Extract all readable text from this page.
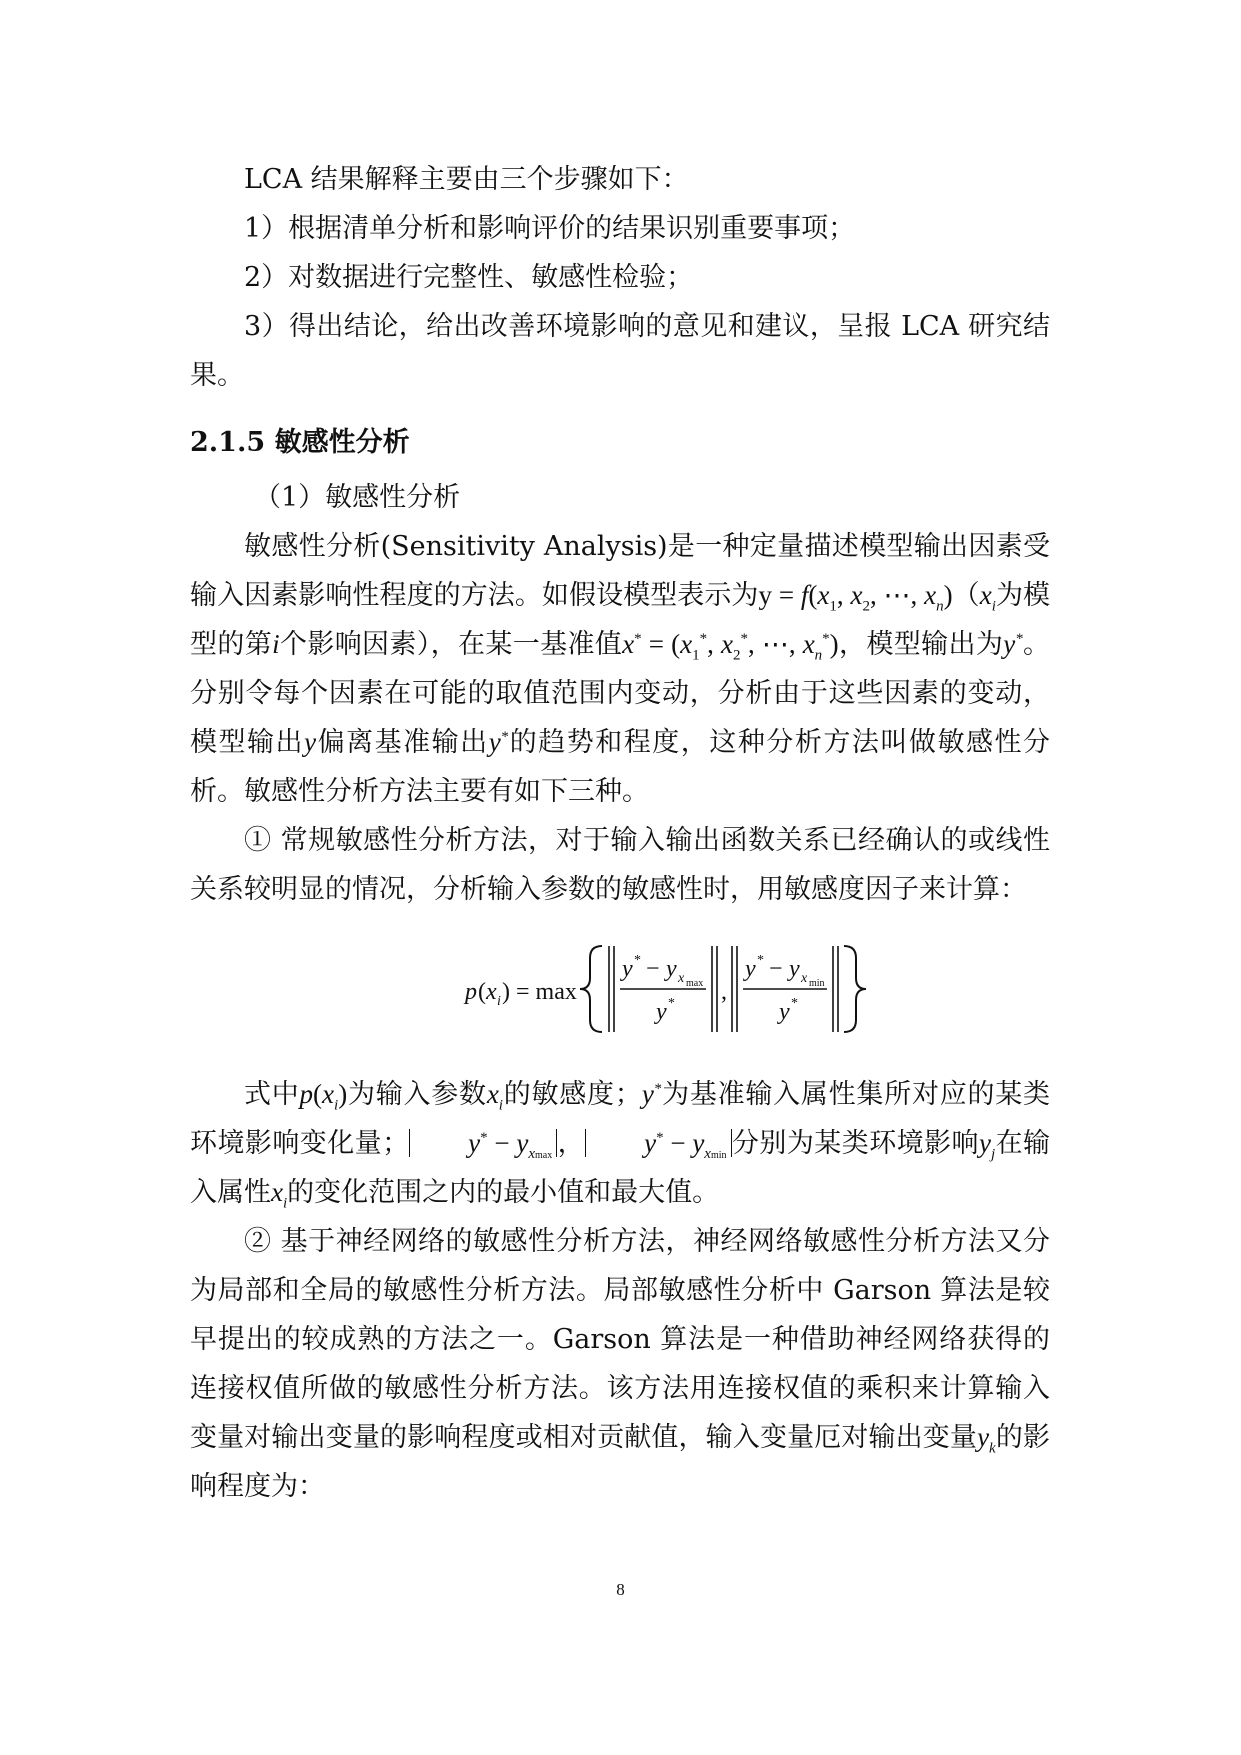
LCA 结果解释主要由三个步骤如下：

1）根据清单分析和影响评价的结果识别重要事项；

2）对数据进行完整性、敏感性检验；

3）得出结论，给出改善环境影响的意见和建议，呈报 LCA 研究结果。

2.1.5 敏感性分析

（1）敏感性分析

敏感性分析(Sensitivity Analysis)是一种定量描述模型输出因素受输入因素影响性程度的方法。如假设模型表示为$y = f(x_1$, $x_2$, ⋯, $x_n)(x_i$为模型的第i个影响因素），在某一基准值$x^* = (x_1^*$, $x_2^*$, ⋯, $x_n^*$)，模型输出为y*。分别令每个因素在可能的取值范围内变动，分析由于这些因素的变动，模型输出y偏离基准输出y*的趋势和程度，这种分析方法叫做敏感性分析。敏感性分析方法主要有如下三种。

① 常规敏感性分析方法，对于输入输出函数关系已经确认的或线性关系较明显的情况，分析输入参数的敏感性时，用敏感度因子来计算：

p ( x i ) = max
y * − y x max
y * ,
y * − y x min
y *

式中$p(x_i)$为输入参数$x_i$的敏感度；y*为基准输入属性集所对应的某类环境影响变化量； $y^* - y_{xmax}$ ， $y^* - y_{xmin}$ 分别为某类环境影响$y_j$在输入属性$x_i$的变化范围之内的最小值和最大值。

② 基于神经网络的敏感性分析方法，神经网络敏感性分析方法又分为局部和全局的敏感性分析方法。局部敏感性分析中 Garson 算法是较早提出的较成熟的方法之一。Garson 算法是一种借助神经网络获得的连接权值所做的敏感性分析方法。该方法用连接权值的乘积来计算输入变量对输出变量的影响程度或相对贡献值，输入变量厄对输出变量$y_k$的影响程度为：

8
